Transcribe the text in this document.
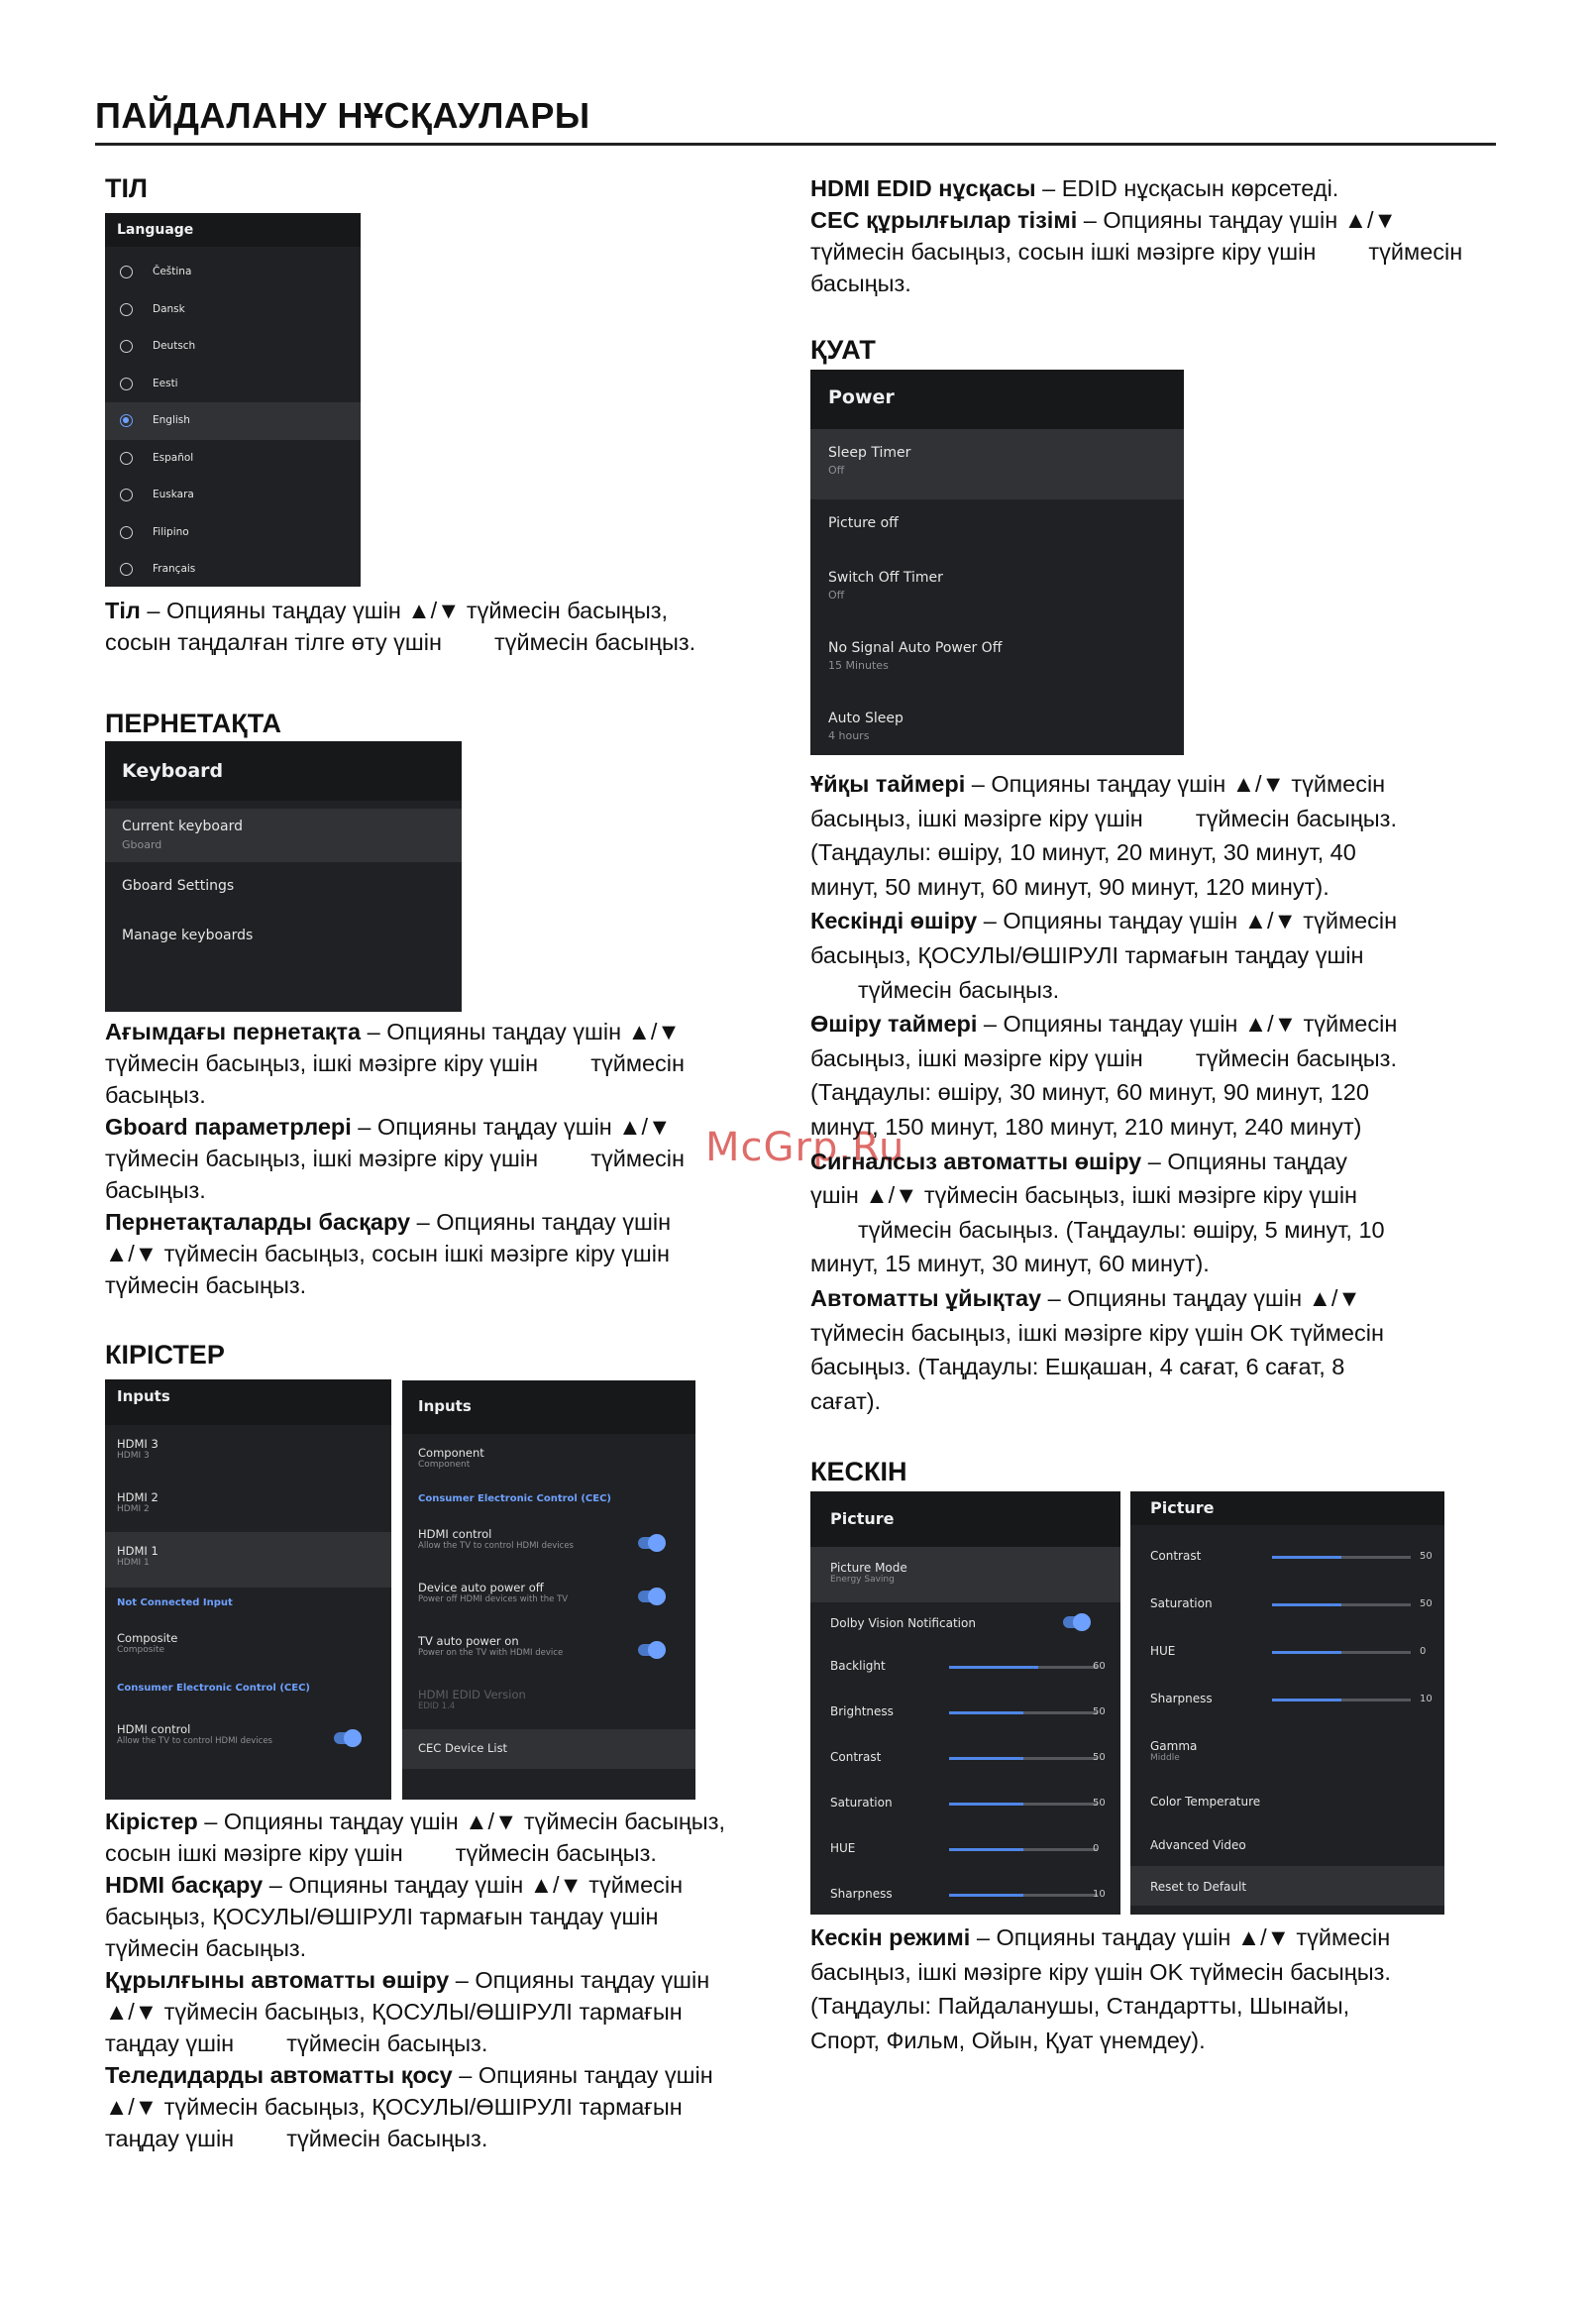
ПАЙДАЛАНУ НҰСҚАУЛАРЫ
McGrp.Ru
ТІЛ
Language
Čeština
Dansk
Deutsch
Eesti
English
Español
Euskara
Filipino
Français
Тіл – Опцияны таңдау үшін ▲/▼ түймесін басыңыз,
сосын таңдалған тілге өту үшін түймесін басыңыз.
ПЕРНЕТАҚТА
Keyboard
Current keyboard
Gboard
Gboard Settings
Manage keyboards
Ағымдағы пернетақта – Опцияны таңдау үшін ▲/▼
түймесін басыңыз, ішкі мәзірге кіру үшін түймесін
басыңыз.
Gboard параметрлері – Опцияны таңдау үшін ▲/▼
түймесін басыңыз, ішкі мәзірге кіру үшін түймесін
басыңыз.
Пернетақталарды басқару – Опцияны таңдау үшін
▲/▼ түймесін басыңыз, сосын ішкі мәзірге кіру үшін
түймесін басыңыз.
КІРІСТЕР
Inputs
HDMI 3
HDMI 3
HDMI 2
HDMI 2
HDMI 1
HDMI 1
Not Connected Input
Composite
Composite
Consumer Electronic Control (CEC)
HDMI control
Allow the TV to control HDMI devices
Inputs
Component
Component
Consumer Electronic Control (CEC)
HDMI control
Allow the TV to control HDMI devices
Device auto power off
Power off HDMI devices with the TV
TV auto power on
Power on the TV with HDMI device
HDMI EDID Version
EDID 1.4
CEC Device List
Кірістер – Опцияны таңдау үшін ▲/▼ түймесін басыңыз,
сосын ішкі мәзірге кіру үшін түймесін басыңыз.
HDMI басқару – Опцияны таңдау үшін ▲/▼ түймесін
басыңыз, ҚОСУЛЫ/ӨШІРУЛІ тармағын таңдау үшін
түймесін басыңыз.
Құрылғыны автоматты өшіру – Опцияны таңдау үшін
▲/▼ түймесін басыңыз, ҚОСУЛЫ/ӨШІРУЛІ тармағын
таңдау үшін түймесін басыңыз.
Теледидарды автоматты қосу – Опцияны таңдау үшін
▲/▼ түймесін басыңыз, ҚОСУЛЫ/ӨШІРУЛІ тармағын
таңдау үшін түймесін басыңыз.
HDMI EDID нұсқасы – EDID нұсқасын көрсетеді.
CEC құрылғылар тізімі – Опцияны таңдау үшін ▲/▼
түймесін басыңыз, сосын ішкі мәзірге кіру үшін түймесін
басыңыз.
ҚУАТ
Power
Sleep Timer
Off
Picture off
Switch Off Timer
Off
No Signal Auto Power Off
15 Minutes
Auto Sleep
4 hours
Ұйқы таймері – Опцияны таңдау үшін ▲/▼ түймесін
басыңыз, ішкі мәзірге кіру үшін түймесін басыңыз.
(Таңдаулы: өшіру, 10 минут, 20 минут, 30 минут, 40
минут, 50 минут, 60 минут, 90 минут, 120 минут).
Кескінді өшіру – Опцияны таңдау үшін ▲/▼ түймесін
басыңыз, ҚОСУЛЫ/ӨШІРУЛІ тармағын таңдау үшін
түймесін басыңыз.
Өшіру таймері – Опцияны таңдау үшін ▲/▼ түймесін
басыңыз, ішкі мәзірге кіру үшін түймесін басыңыз.
(Таңдаулы: өшіру, 30 минут, 60 минут, 90 минут, 120
минут, 150 минут, 180 минут, 210 минут, 240 минут)
Сигналсыз автоматты өшіру – Опцияны таңдау
үшін ▲/▼ түймесін басыңыз, ішкі мәзірге кіру үшін
түймесін басыңыз. (Таңдаулы: өшіру, 5 минут, 10
минут, 15 минут, 30 минут, 60 минут).
Автоматты ұйықтау – Опцияны таңдау үшін ▲/▼
түймесін басыңыз, ішкі мәзірге кіру үшін OK түймесін
басыңыз. (Таңдаулы: Ешқашан, 4 сағат, 6 сағат, 8
сағат).
КЕСКІН
Picture
Picture Mode
Energy Saving
Dolby Vision Notification
Backlight	60
Brightness	50
Contrast	50
Saturation	50
HUE	0
Sharpness	10
Picture
Contrast	50
Saturation	50
HUE	0
Sharpness	10
Gamma
Middle
Color Temperature
Advanced Video
Reset to Default
Кескін режимі – Опцияны таңдау үшін ▲/▼ түймесін
басыңыз, ішкі мәзірге кіру үшін OK түймесін басыңыз.
(Таңдаулы: Пайдаланушы, Стандартты, Шынайы,
Спорт, Фильм, Ойын, Қуат үнемдеу).
